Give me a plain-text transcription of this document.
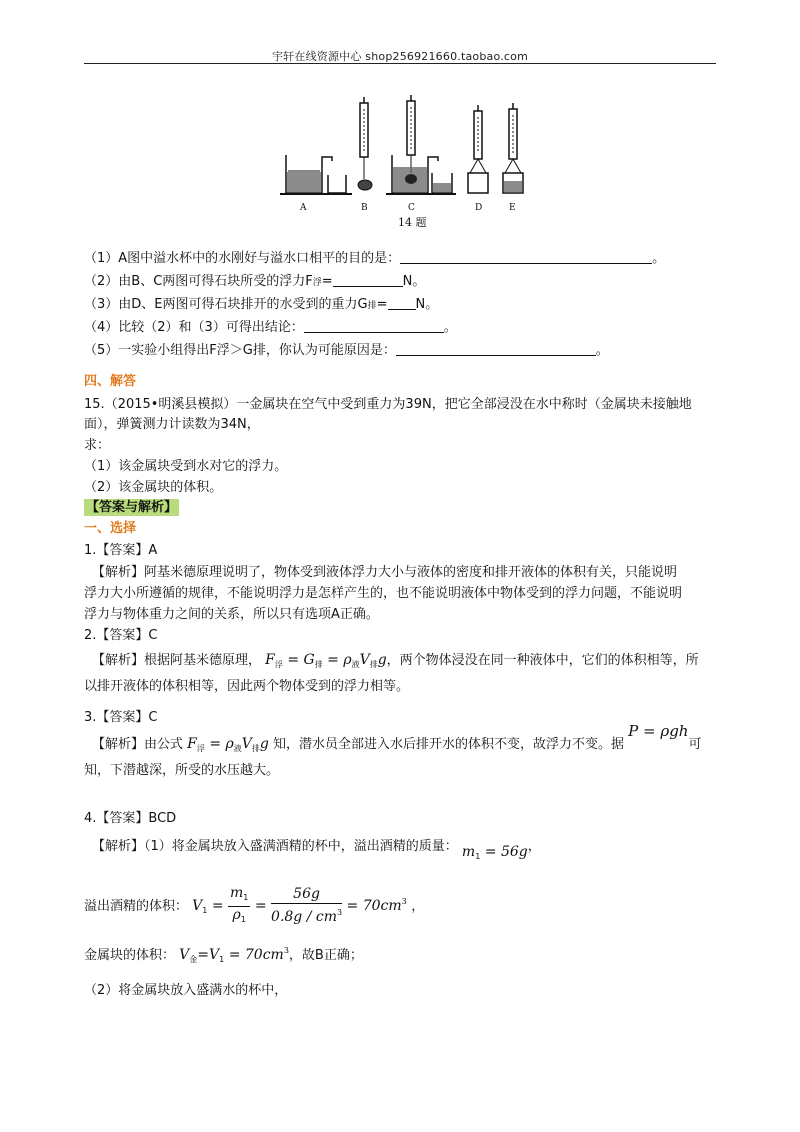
宇轩在线资源中心 shop256921660.taobao.com
A	B	C	D	E
14 题
（1）A图中溢水杯中的水刚好与溢水口相平的目的是：	。
（2）由B、C两图可得石块所受的浮力F浮=	N。
（3）由D、E两图可得石块排开的水受到的重力G排= N。
（4）比较（2）和（3）可得出结论：	。
（5）一实验小组得出F浮＞G排，你认为可能原因是：	。
四、解答
15.（2015•明溪县模拟）一金属块在空气中受到重力为39N，把它全部浸没在水中称时（金属块未接触地
面），弹簧测力计读数为34N，
求：
（1）该金属块受到水对它的浮力。
（2）该金属块的体积。
【答案与解析】
一、选择
1.【答案】A
【解析】阿基米德原理说明了，物体受到液体浮力大小与液体的密度和排开液体的体积有关，只能说明
浮力大小所遵循的规律，不能说明浮力是怎样产生的，也不能说明液体中物体受到的浮力问题，不能说明
浮力与物体重力之间的关系，所以只有选项A正确。
2.【答案】C
【解析】根据阿基米德原理， $F_浮 = G_排 = \rho_液V_排g$，两个物体浸没在同一种液体中，它们的体积相等，所
以排开液体的体积相等，因此两个物体受到的浮力相等。
3.【答案】C
【解析】由公式 $F_浮 = \rho_液V_排g$ 知，潜水员全部进入水后排开水的体积不变，故浮力不变。据 P = ρgh可
知，下潜越深，所受的水压越大。
4.【答案】BCD
【解析】（1）将金属块放入盛满酒精的杯中，溢出酒精的质量： $m_1 = 56g$，
溢出酒精的体积： $V_1 = \frac{m_1}{\rho_1} = \frac{56g}{0.8g / cm^3} = 70cm^3$ ，
金属块的体积： $V_金=V_1 = 70cm^3$，故B正确；
（2）将金属块放入盛满水的杯中，
